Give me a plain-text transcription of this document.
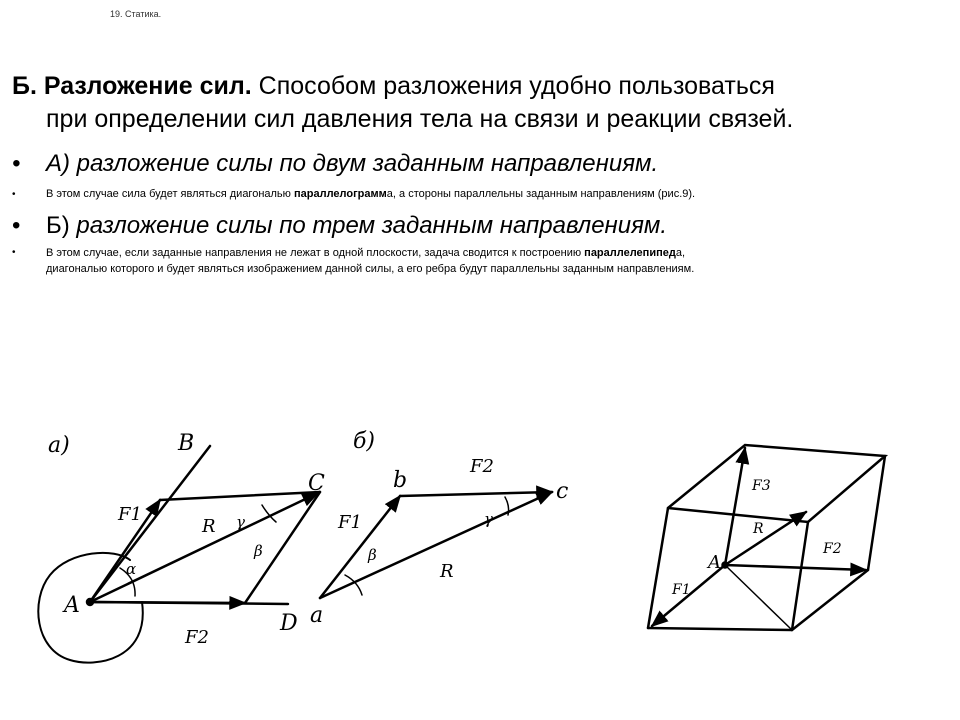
19. Статика.
Б. Разложение сил. Способом разложения удобно пользоваться
при определении сил давления тела на связи и реакции связей.
•	А) разложение силы по двум заданным направлениям.
•	В этом случае сила будет являться диагональю параллелограмма, а стороны параллельны заданным направлениям (рис.9).
•	Б) разложение силы по трем заданным направлениям.
•	В этом случае, если заданные направления не лежат в одной плоскости, задача сводится к построению параллелепипеда,
диагональю которого и будет являться изображением данной силы, а его ребра будут параллельны заданным направлениям.
а)
A
B
C
D
F1
F2
R
α
β
γ
б)
a
b	c
F1
F2
R
β
γ
A
F3
R
F2
F1
